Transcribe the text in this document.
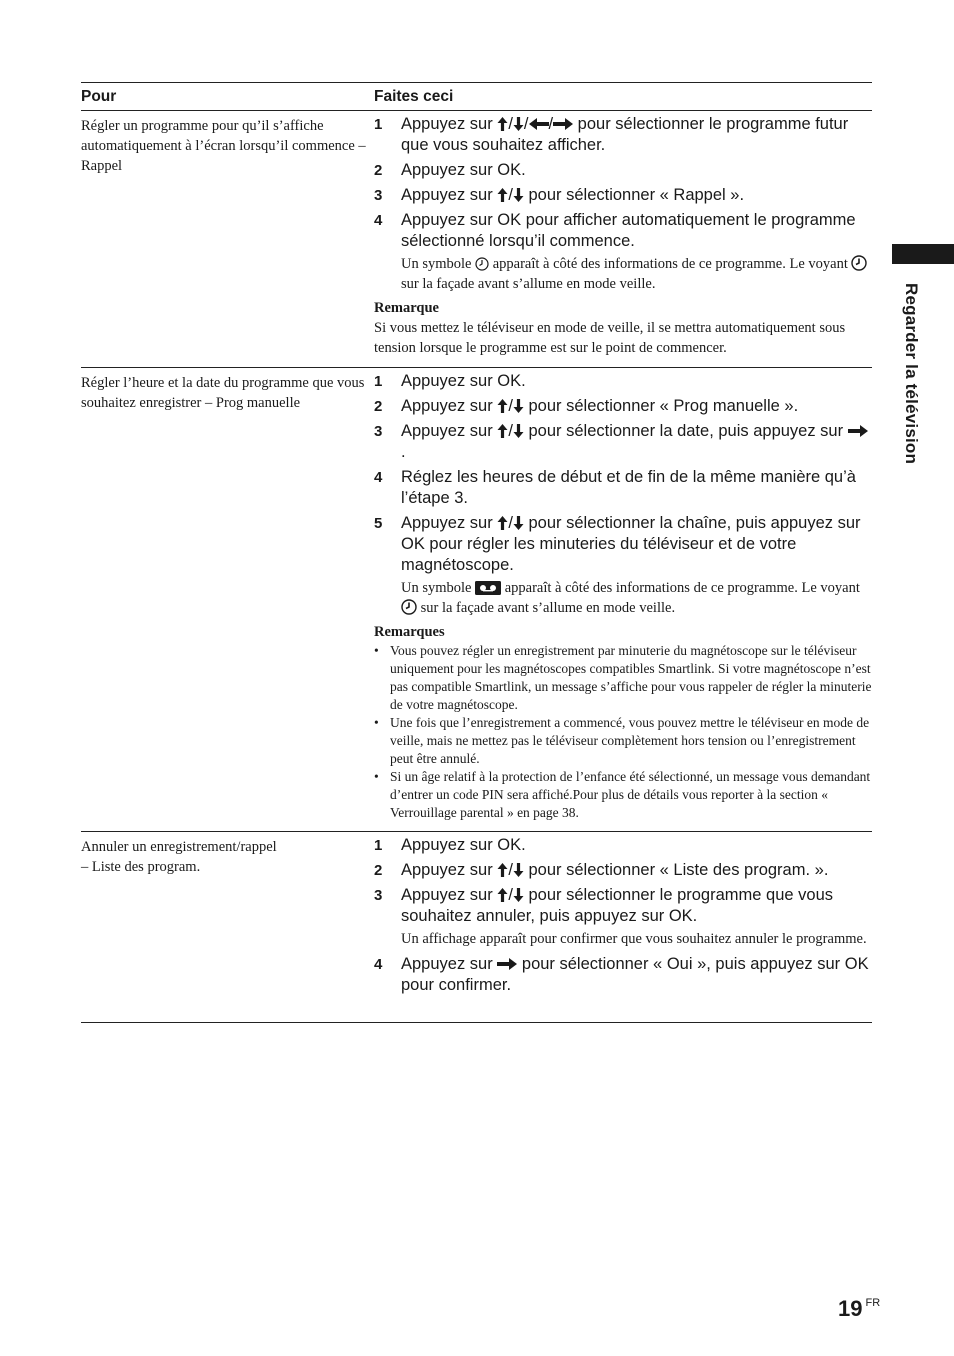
Regarder la télévision
Pour	Faites ceci
Régler un programme pour qu’il s’affiche automatiquement à l’écran lorsqu’il commence – Rappel
1	Appuyez sur / / / pour sélectionner le programme futur que vous souhaitez afficher.
2	Appuyez sur OK.
3	Appuyez sur / pour sélectionner « Rappel ».
4	Appuyez sur OK pour afficher automatiquement le programme sélectionné lorsqu’il commence.
Un symbole  apparaît à côté des informations de ce programme. Le voyant  sur la façade avant s’allume en mode veille.
Remarque
Si vous mettez le téléviseur en mode de veille, il se mettra automatiquement sous tension lorsque le programme est sur le point de commencer.
Régler l’heure et la date du programme que vous souhaitez enregistrer – Prog manuelle
1	Appuyez sur OK.
2	Appuyez sur / pour sélectionner « Prog manuelle ».
3	Appuyez sur / pour sélectionner la date, puis appuyez sur .
4	Réglez les heures de début et de fin de la même manière qu’à l’étape 3.
5	Appuyez sur / pour sélectionner la chaîne, puis appuyez sur OK pour régler les minuteries du téléviseur et de votre magnétoscope.
Un symbole  apparaît à côté des informations de ce programme. Le voyant  sur la façade avant s’allume en mode veille.
Remarques
• Vous pouvez régler un enregistrement par minuterie du magnétoscope sur le téléviseur uniquement pour les magnétoscopes compatibles Smartlink. Si votre magnétoscope n’est pas compatible Smartlink, un message s’affiche pour vous rappeler de régler la minuterie de votre magnétoscope.
• Une fois que l’enregistrement a commencé, vous pouvez mettre le téléviseur en mode de veille, mais ne mettez pas le téléviseur complètement hors tension ou l’enregistrement peut être annulé.
• Si un âge relatif à la protection de l’enfance été sélectionné, un message vous demandant d’entrer un code PIN sera affiché.Pour plus de détails vous reporter à la section « Verrouillage parental » en page 38.
Annuler un enregistrement/rappel
– Liste des program.
1	Appuyez sur OK.
2	Appuyez sur / pour sélectionner « Liste des program. ».
3	Appuyez sur / pour sélectionner le programme que vous souhaitez annuler, puis appuyez sur OK.
Un affichage apparaît pour confirmer que vous souhaitez annuler le programme.
4	Appuyez sur  pour sélectionner « Oui », puis appuyez sur OK pour confirmer.
19 $^{FR}$
